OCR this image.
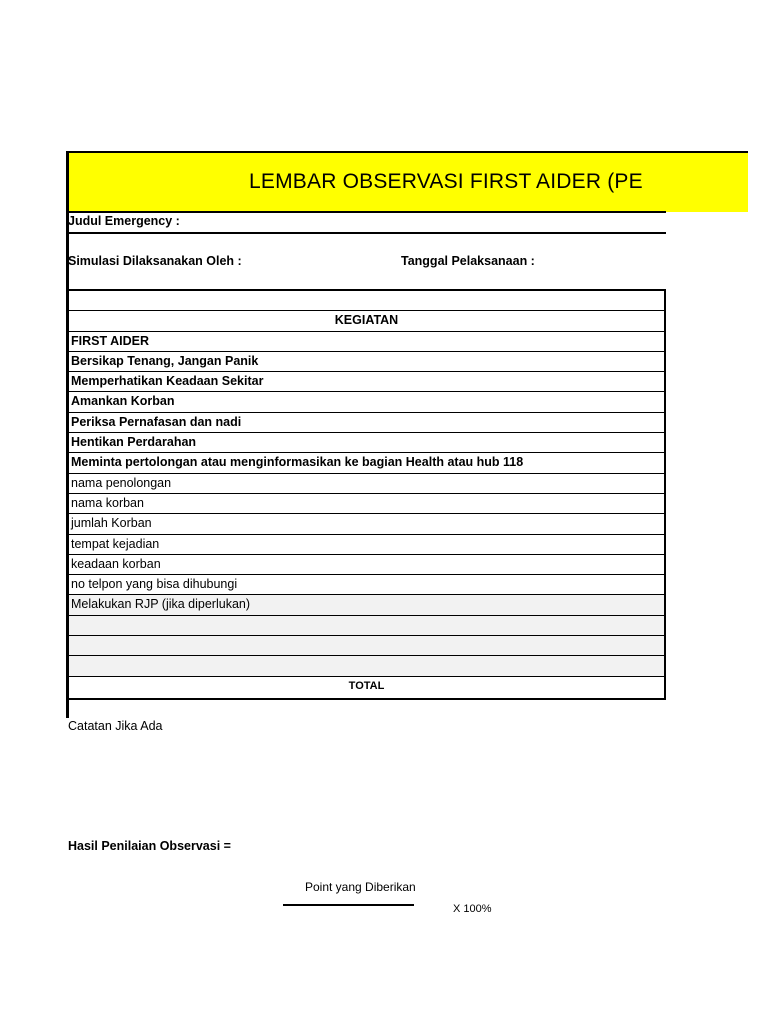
LEMBAR OBSERVASI FIRST AIDER (PE
Judul Emergency :
Simulasi Dilaksanakan Oleh :	Tanggal Pelaksanaan :
KEGIATAN
FIRST AIDER
Bersikap Tenang, Jangan Panik
Memperhatikan Keadaan Sekitar
Amankan Korban
Periksa Pernafasan dan nadi
Hentikan Perdarahan
Meminta pertolongan atau menginformasikan ke bagian Health atau hub 118
nama penolongan
nama korban
jumlah Korban
tempat kejadian
keadaan korban
no telpon yang bisa dihubungi
Melakukan RJP (jika diperlukan)
TOTAL
Catatan Jika Ada
Hasil Penilaian Observasi =
Point yang Diberikan
X 100%
